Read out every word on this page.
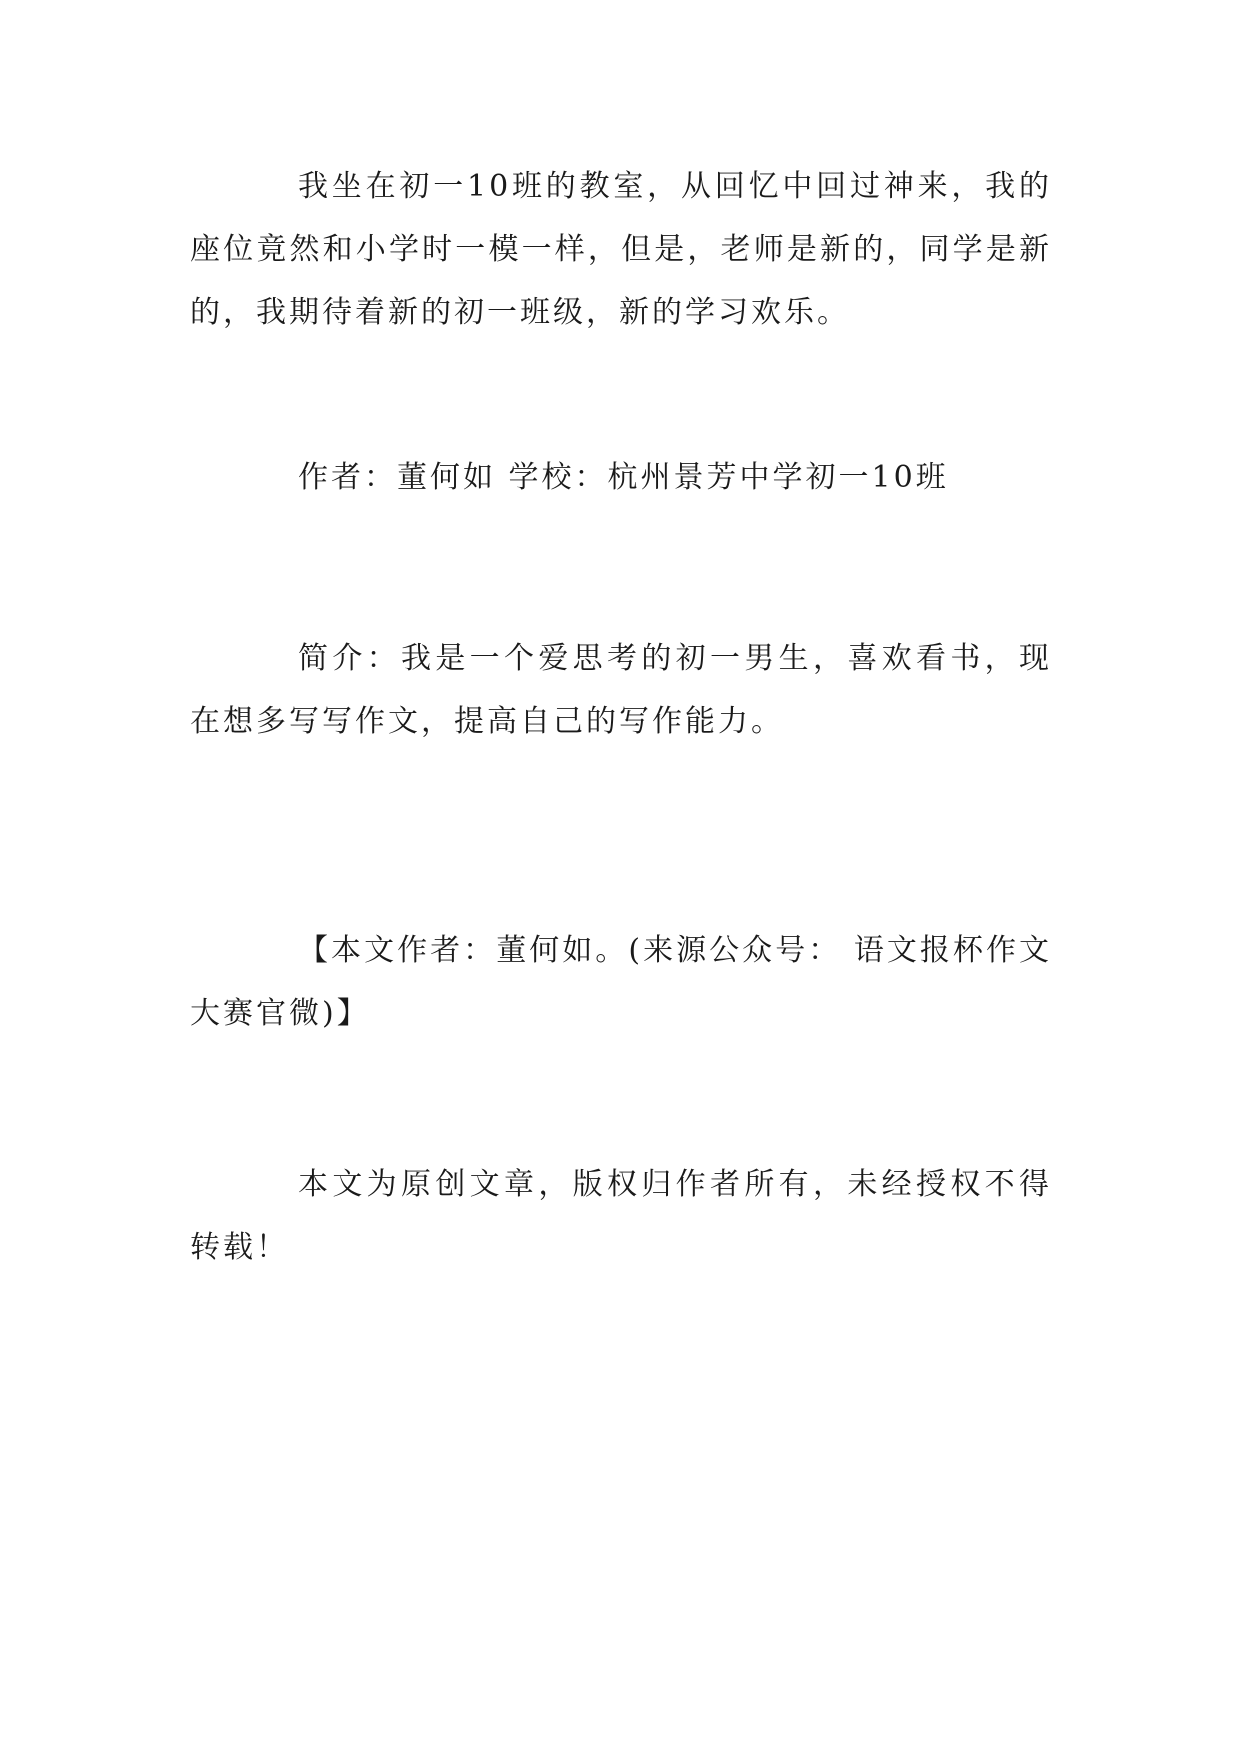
我坐在初一10班的教室，从回忆中回过神来，我的座位竟然和小学时一模一样，但是，老师是新的，同学是新的，我期待着新的初一班级，新的学习欢乐。

作者：董何如 学校：杭州景芳中学初一10班

简介：我是一个爱思考的初一男生，喜欢看书，现在想多写写作文，提高自己的写作能力。

【本文作者：董何如。(来源公众号： 语文报杯作文大赛官微)】

本文为原创文章，版权归作者所有，未经授权不得转载！
